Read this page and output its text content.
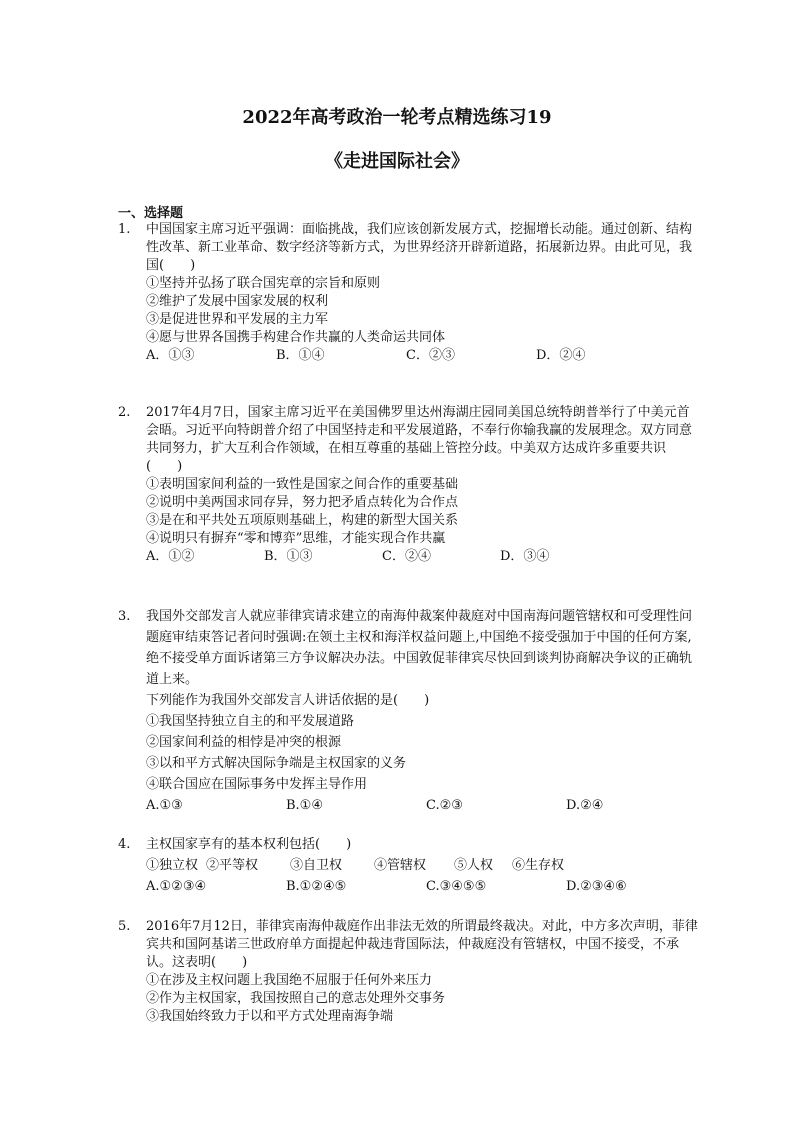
2022年高考政治一轮考点精选练习19
《走进国际社会》
一、选择题

1. 中国国家主席习近平强调：面临挑战，我们应该创新发展方式，挖掘增长动能。通过创新、结构性改革、新工业革命、数字经济等新方式，为世界经济开辟新道路，拓展新边界。由此可见，我国(　　)

①坚持并弘扬了联合国宪章的宗旨和原则

②维护了发展中国家发展的权利

③是促进世界和平发展的主力军

④愿与世界各国携手构建合作共赢的人类命运共同体

A．①③	B．①④	C．②③	D．②④

2. 2017年4月7日，国家主席习近平在美国佛罗里达州海湖庄园同美国总统特朗普举行了中美元首会晤。习近平向特朗普介绍了中国坚持走和平发展道路，不奉行你输我赢的发展理念。双方同意共同努力，扩大互利合作领域，在相互尊重的基础上管控分歧。中美双方达成许多重要共识(　　)

①表明国家间利益的一致性是国家之间合作的重要基础

②说明中美两国求同存异，努力把矛盾点转化为合作点

③是在和平共处五项原则基础上，构建的新型大国关系

④说明只有摒弃“零和博弈”思维，才能实现合作共赢

A．①②	B．①③	C．②④	D．③④

3. 我国外交部发言人就应菲律宾请求建立的南海仲裁案仲裁庭对中国南海问题管辖权和可受理性问题庭审结束答记者问时强调:在领土主权和海洋权益问题上,中国绝不接受强加于中国的任何方案,绝不接受单方面诉诸第三方争议解决办法。中国敦促菲律宾尽快回到谈判协商解决争议的正确轨道上来。

下列能作为我国外交部发言人讲话依据的是(　　)

①我国坚持独立自主的和平发展道路

②国家间利益的相悖是冲突的根源

③以和平方式解决国际争端是主权国家的义务

④联合国应在国际事务中发挥主导作用

A.①③	B.①④	C.②③	D.②④

4. 主权国家享有的基本权利包括(　　)

①独立权 ②平等权	③自卫权	④管辖权	⑤人权	⑥生存权
A.①②③④	B.①②④⑤	C.③④⑤⑤	D.②③④⑥

5. 2016年7月12日，菲律宾南海仲裁庭作出非法无效的所谓最终裁决。对此，中方多次声明，菲律宾共和国阿基诺三世政府单方面提起仲裁违背国际法，仲裁庭没有管辖权，中国不接受，不承认。这表明(　　)

①在涉及主权问题上我国绝不屈服于任何外来压力

②作为主权国家，我国按照自己的意志处理外交事务

③我国始终致力于以和平方式处理南海争端
